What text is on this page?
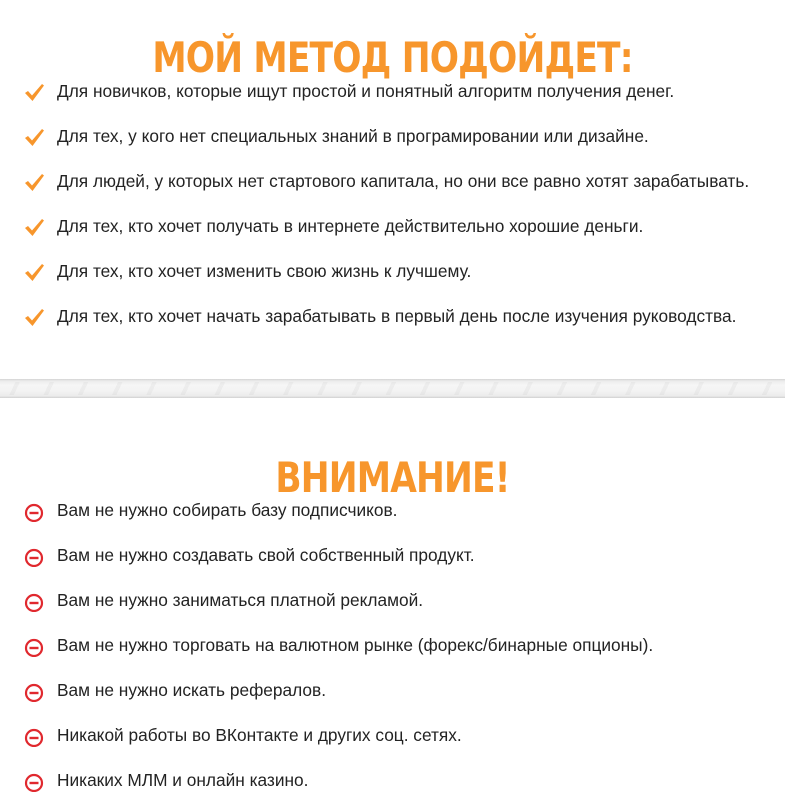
МОЙ МЕТОД ПОДОЙДЕТ:
Для новичков, которые ищут простой и понятный алгоритм получения денег.
Для тех, у кого нет специальных знаний в програмировании или дизайне.
Для людей, у которых нет стартового капитала, но они все равно хотят зарабатывать.
Для тех, кто хочет получать в интернете действительно хорошие деньги.
Для тех, кто хочет изменить свою жизнь к лучшему.
Для тех, кто хочет начать зарабатывать в первый день после изучения руководства.
ВНИМАНИЕ!
Вам не нужно собирать базу подписчиков.
Вам не нужно создавать свой собственный продукт.
Вам не нужно заниматься платной рекламой.
Вам не нужно торговать на валютном рынке (форекс/бинарные опционы).
Вам не нужно искать рефералов.
Никакой работы во ВКонтакте и других соц. сетях.
Никаких МЛМ и онлайн казино.
